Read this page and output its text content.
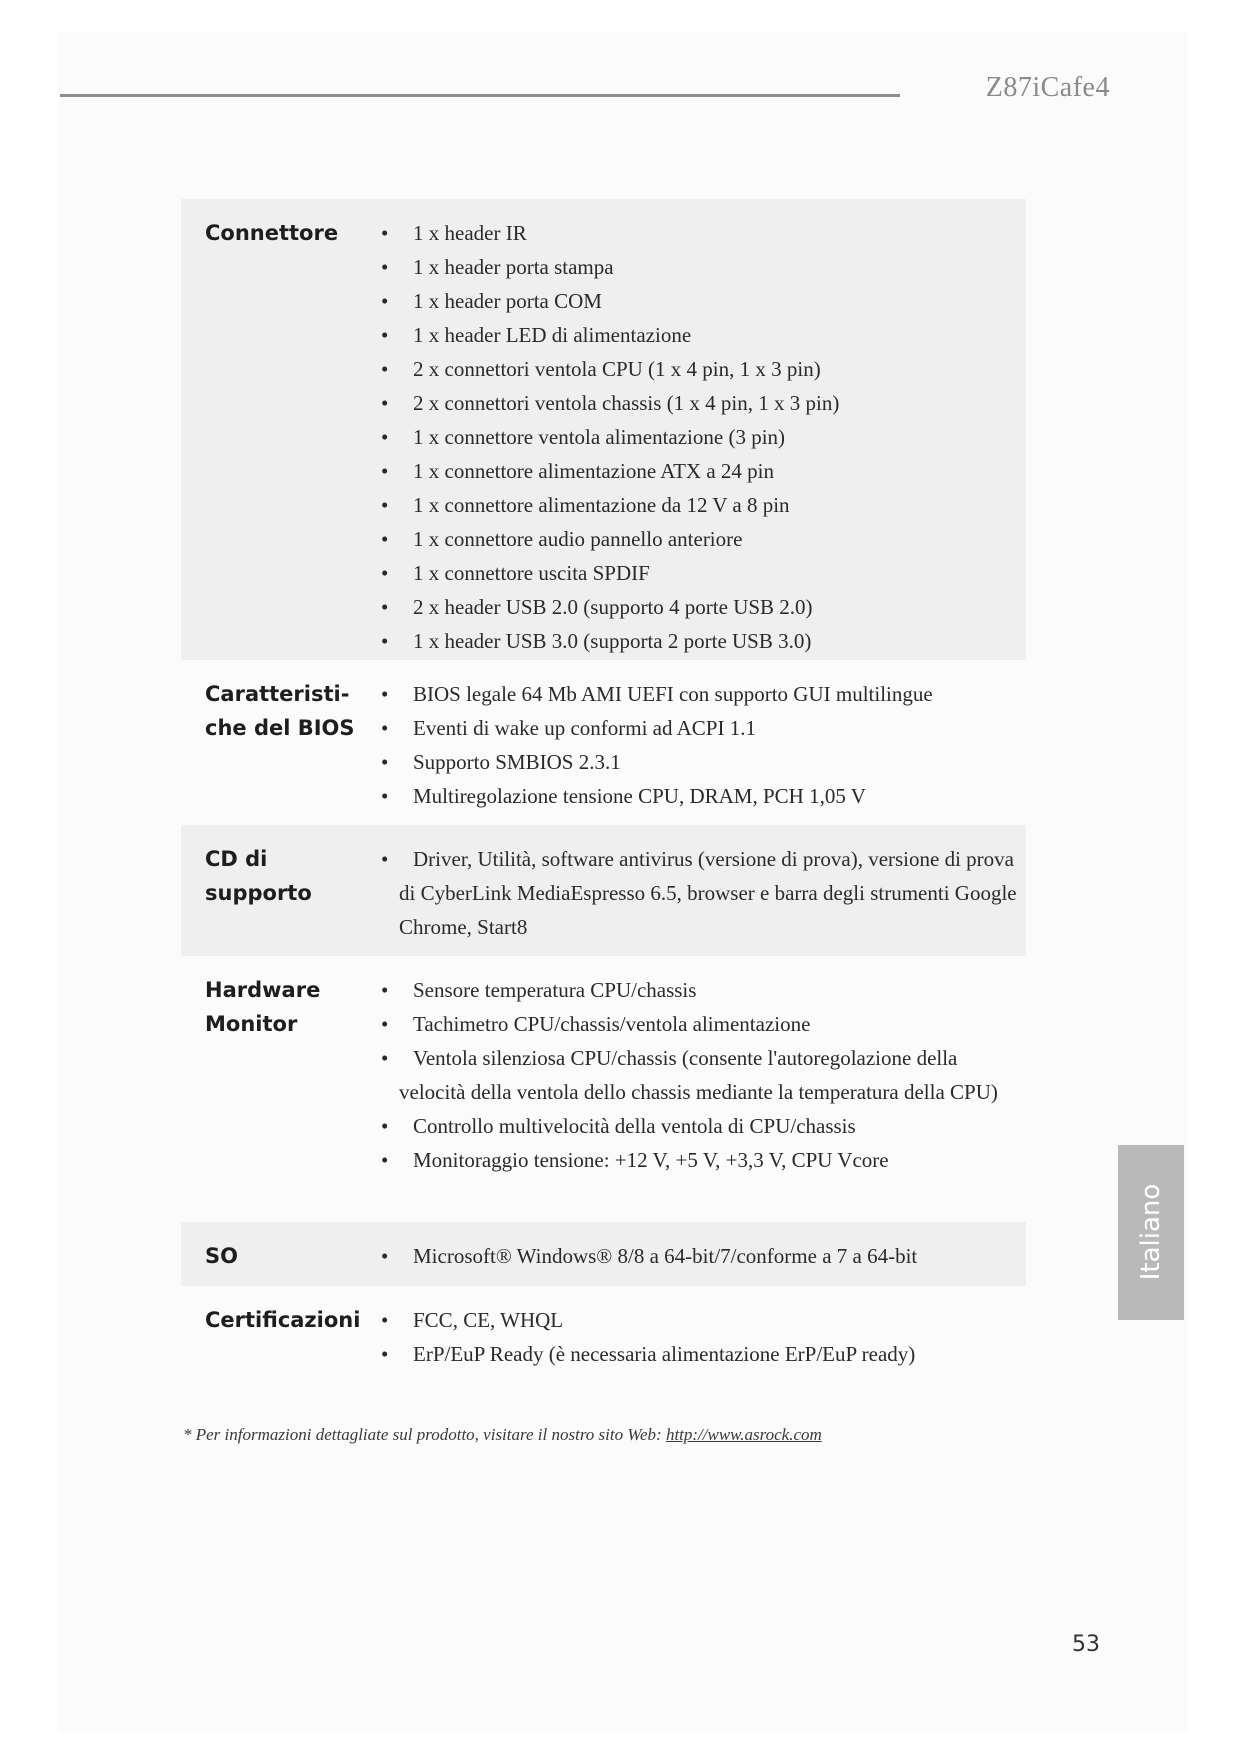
Z87iCafe4
Connettore	•	1 x header IR
•	1 x header porta stampa
•	1 x header porta COM
•	1 x header LED di alimentazione
•	2 x connettori ventola CPU (1 x 4 pin, 1 x 3 pin)
•	2 x connettori ventola chassis (1 x 4 pin, 1 x 3 pin)
•	1 x connettore ventola alimentazione (3 pin)
•	1 x connettore alimentazione ATX a 24 pin
•	1 x connettore alimentazione da 12 V a 8 pin
•	1 x connettore audio pannello anteriore
•	1 x connettore uscita SPDIF
•	2 x header USB 2.0 (supporto 4 porte USB 2.0)
•	1 x header USB 3.0 (supporta 2 porte USB 3.0)
Caratteristi-che del BIOS
•	BIOS legale 64 Mb AMI UEFI con supporto GUI multilingue
•	Eventi di wake up conformi ad ACPI 1.1
•	Supporto SMBIOS 2.3.1
•	Multiregolazione tensione CPU, DRAM, PCH 1,05 V
CD di supporto
•	Driver, Utilità, software antivirus (versione di prova), versione di prova di CyberLink MediaEspresso 6.5, browser e barra degli strumenti Google Chrome, Start8
Hardware Monitor
•	Sensore temperatura CPU/chassis
•	Tachimetro CPU/chassis/ventola alimentazione
•	Ventola silenziosa CPU/chassis (consente l'autoregolazione della velocità della ventola dello chassis mediante la temperatura della CPU)
•	Controllo multivelocità della ventola di CPU/chassis
•	Monitoraggio tensione: +12 V, +5 V, +3,3 V, CPU Vcore
SO	•	Microsoft® Windows® 8/8 a 64-bit/7/conforme a 7 a 64-bit
Certificazioni •	FCC, CE, WHQL
•	ErP/EuP Ready (è necessaria alimentazione ErP/EuP ready)
* Per informazioni dettagliate sul prodotto, visitare il nostro sito Web: http://www.asrock.com
Italiano
53
